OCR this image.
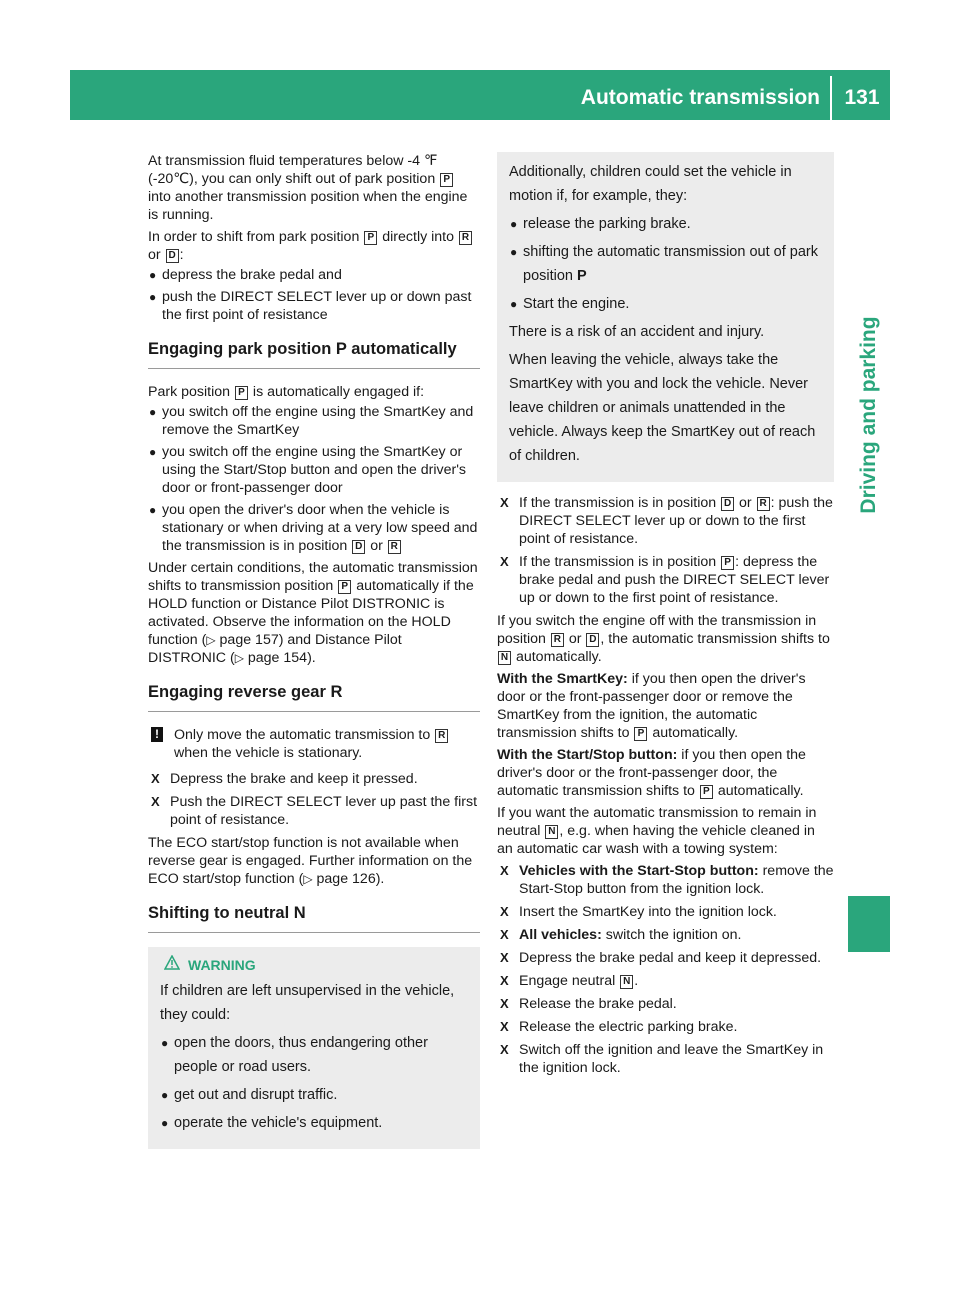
Automatic transmission	131
Driving and parking

At transmission fluid temperatures below -4 ℉ (-20℃), you can only shift out of park position P into another transmission position when the engine is running.

In order to shift from park position P directly into R or D :

● depress the brake pedal and
● push the DIRECT SELECT lever up or down past the first point of resistance
Engaging park position P automatically

Park position P is automatically engaged if:

● you switch off the engine using the SmartKey and remove the SmartKey
● you switch off the engine using the SmartKey or using the Start/Stop button and open the driver's door or front-passenger door
● you open the driver's door when the vehicle is stationary or when driving at a very low speed and the transmission is in position D or R

Under certain conditions, the automatic transmission shifts to transmission position P automatically if the HOLD function or Distance Pilot DISTRONIC is activated. Observe the information on the HOLD function (▷ page 157) and Distance Pilot DISTRONIC (▷ page 154).

Engaging reverse gear R
! Only move the automatic transmission to R when the vehicle is stationary.
X Depress the brake and keep it pressed.
X Push the DIRECT SELECT lever up past the first point of resistance.

The ECO start/stop function is not available when reverse gear is engaged. Further information on the ECO start/stop function (▷ page 126).

Shifting to neutral N
WARNING

If children are left unsupervised in the vehicle, they could:

● open the doors, thus endangering other people or road users.
● get out and disrupt traffic.
● operate the vehicle's equipment.

Additionally, children could set the vehicle in motion if, for example, they:

● release the parking brake.
● shifting the automatic transmission out of park position P
● Start the engine.

There is a risk of an accident and injury.

When leaving the vehicle, always take the SmartKey with you and lock the vehicle. Never leave children or animals unattended in the vehicle. Always keep the SmartKey out of reach of children.

X If the transmission is in position D or R : push the DIRECT SELECT lever up or down to the first point of resistance.
X If the transmission is in position P : depress the brake pedal and push the DIRECT SELECT lever up or down to the first point of resistance.

If you switch the engine off with the transmission in position R or D , the automatic transmission shifts to N automatically.

With the SmartKey: if you then open the driver's door or the front-passenger door or remove the SmartKey from the ignition, the automatic transmission shifts to P automatically.

With the Start/Stop button: if you then open the driver's door or the front-passenger door, the automatic transmission shifts to P automatically.

If you want the automatic transmission to remain in neutral N , e.g. when having the vehicle cleaned in an automatic car wash with a towing system:

X Vehicles with the Start-Stop button: remove the Start-Stop button from the ignition lock.
X Insert the SmartKey into the ignition lock.
X All vehicles: switch the ignition on.
X Depress the brake pedal and keep it depressed.
X Engage neutral N .
X Release the brake pedal.
X Release the electric parking brake.
X Switch off the ignition and leave the SmartKey in the ignition lock.
